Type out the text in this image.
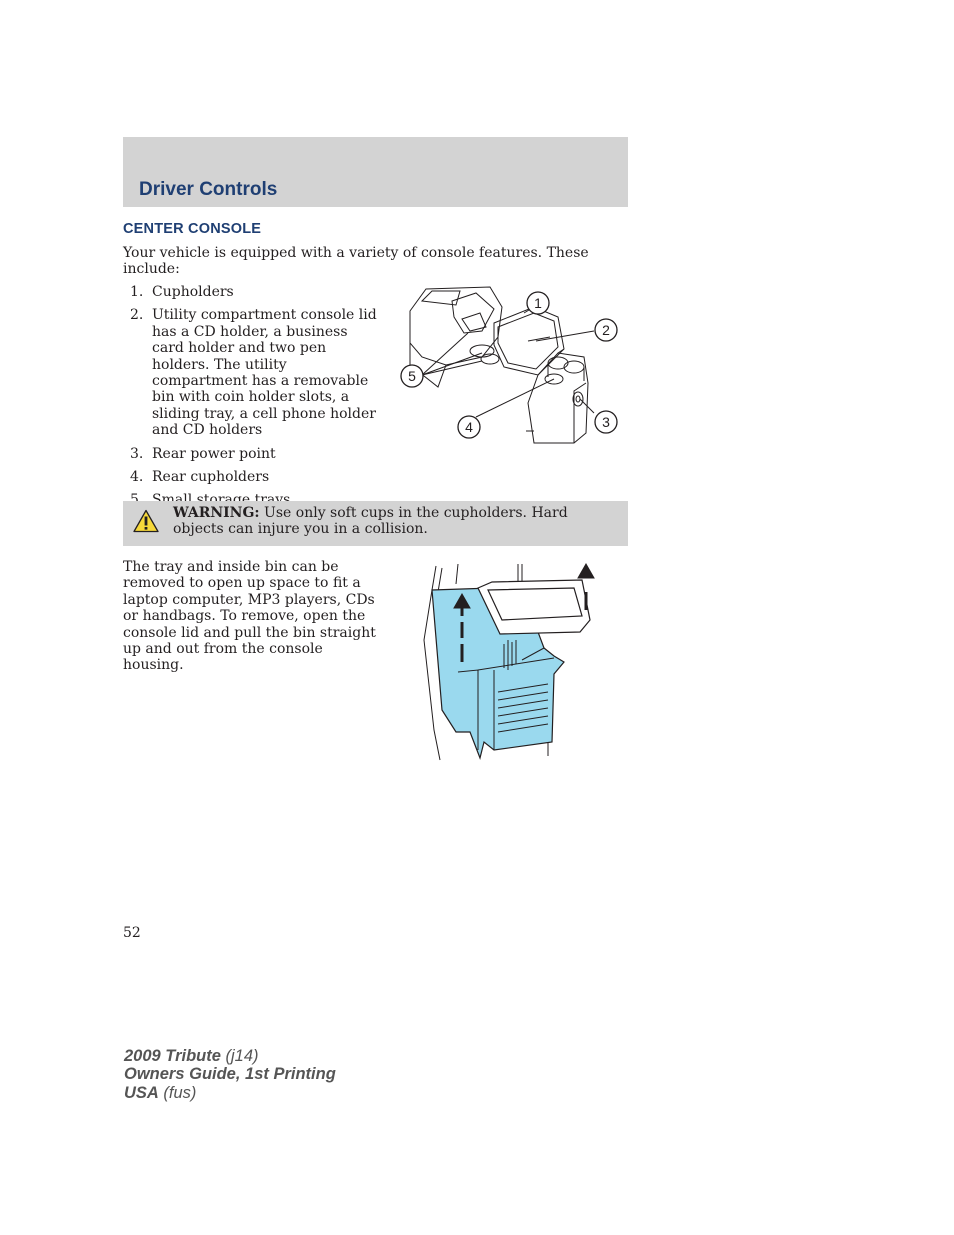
Driver Controls
CENTER CONSOLE
Your vehicle is equipped with a variety of console features. These include:
1. Cupholders
2. Utility compartment console lid has a CD holder, a business card holder and two pen holders. The utility compartment has a removable bin with coin holder slots, a sliding tray, a cell phone holder and CD holders
3. Rear power point
4. Rear cupholders
1
2
3
4
5
WARNING: Use only soft cups in the cupholders. Hard objects can injure you in a collision.
The tray and inside bin can be removed to open up space to fit a laptop computer, MP3 players, CDs or handbags. To remove, open the console lid and pull the bin straight up and out from the console housing.
52
2009 Tribute (j14)
Owners Guide, 1st Printing
USA (fus)
